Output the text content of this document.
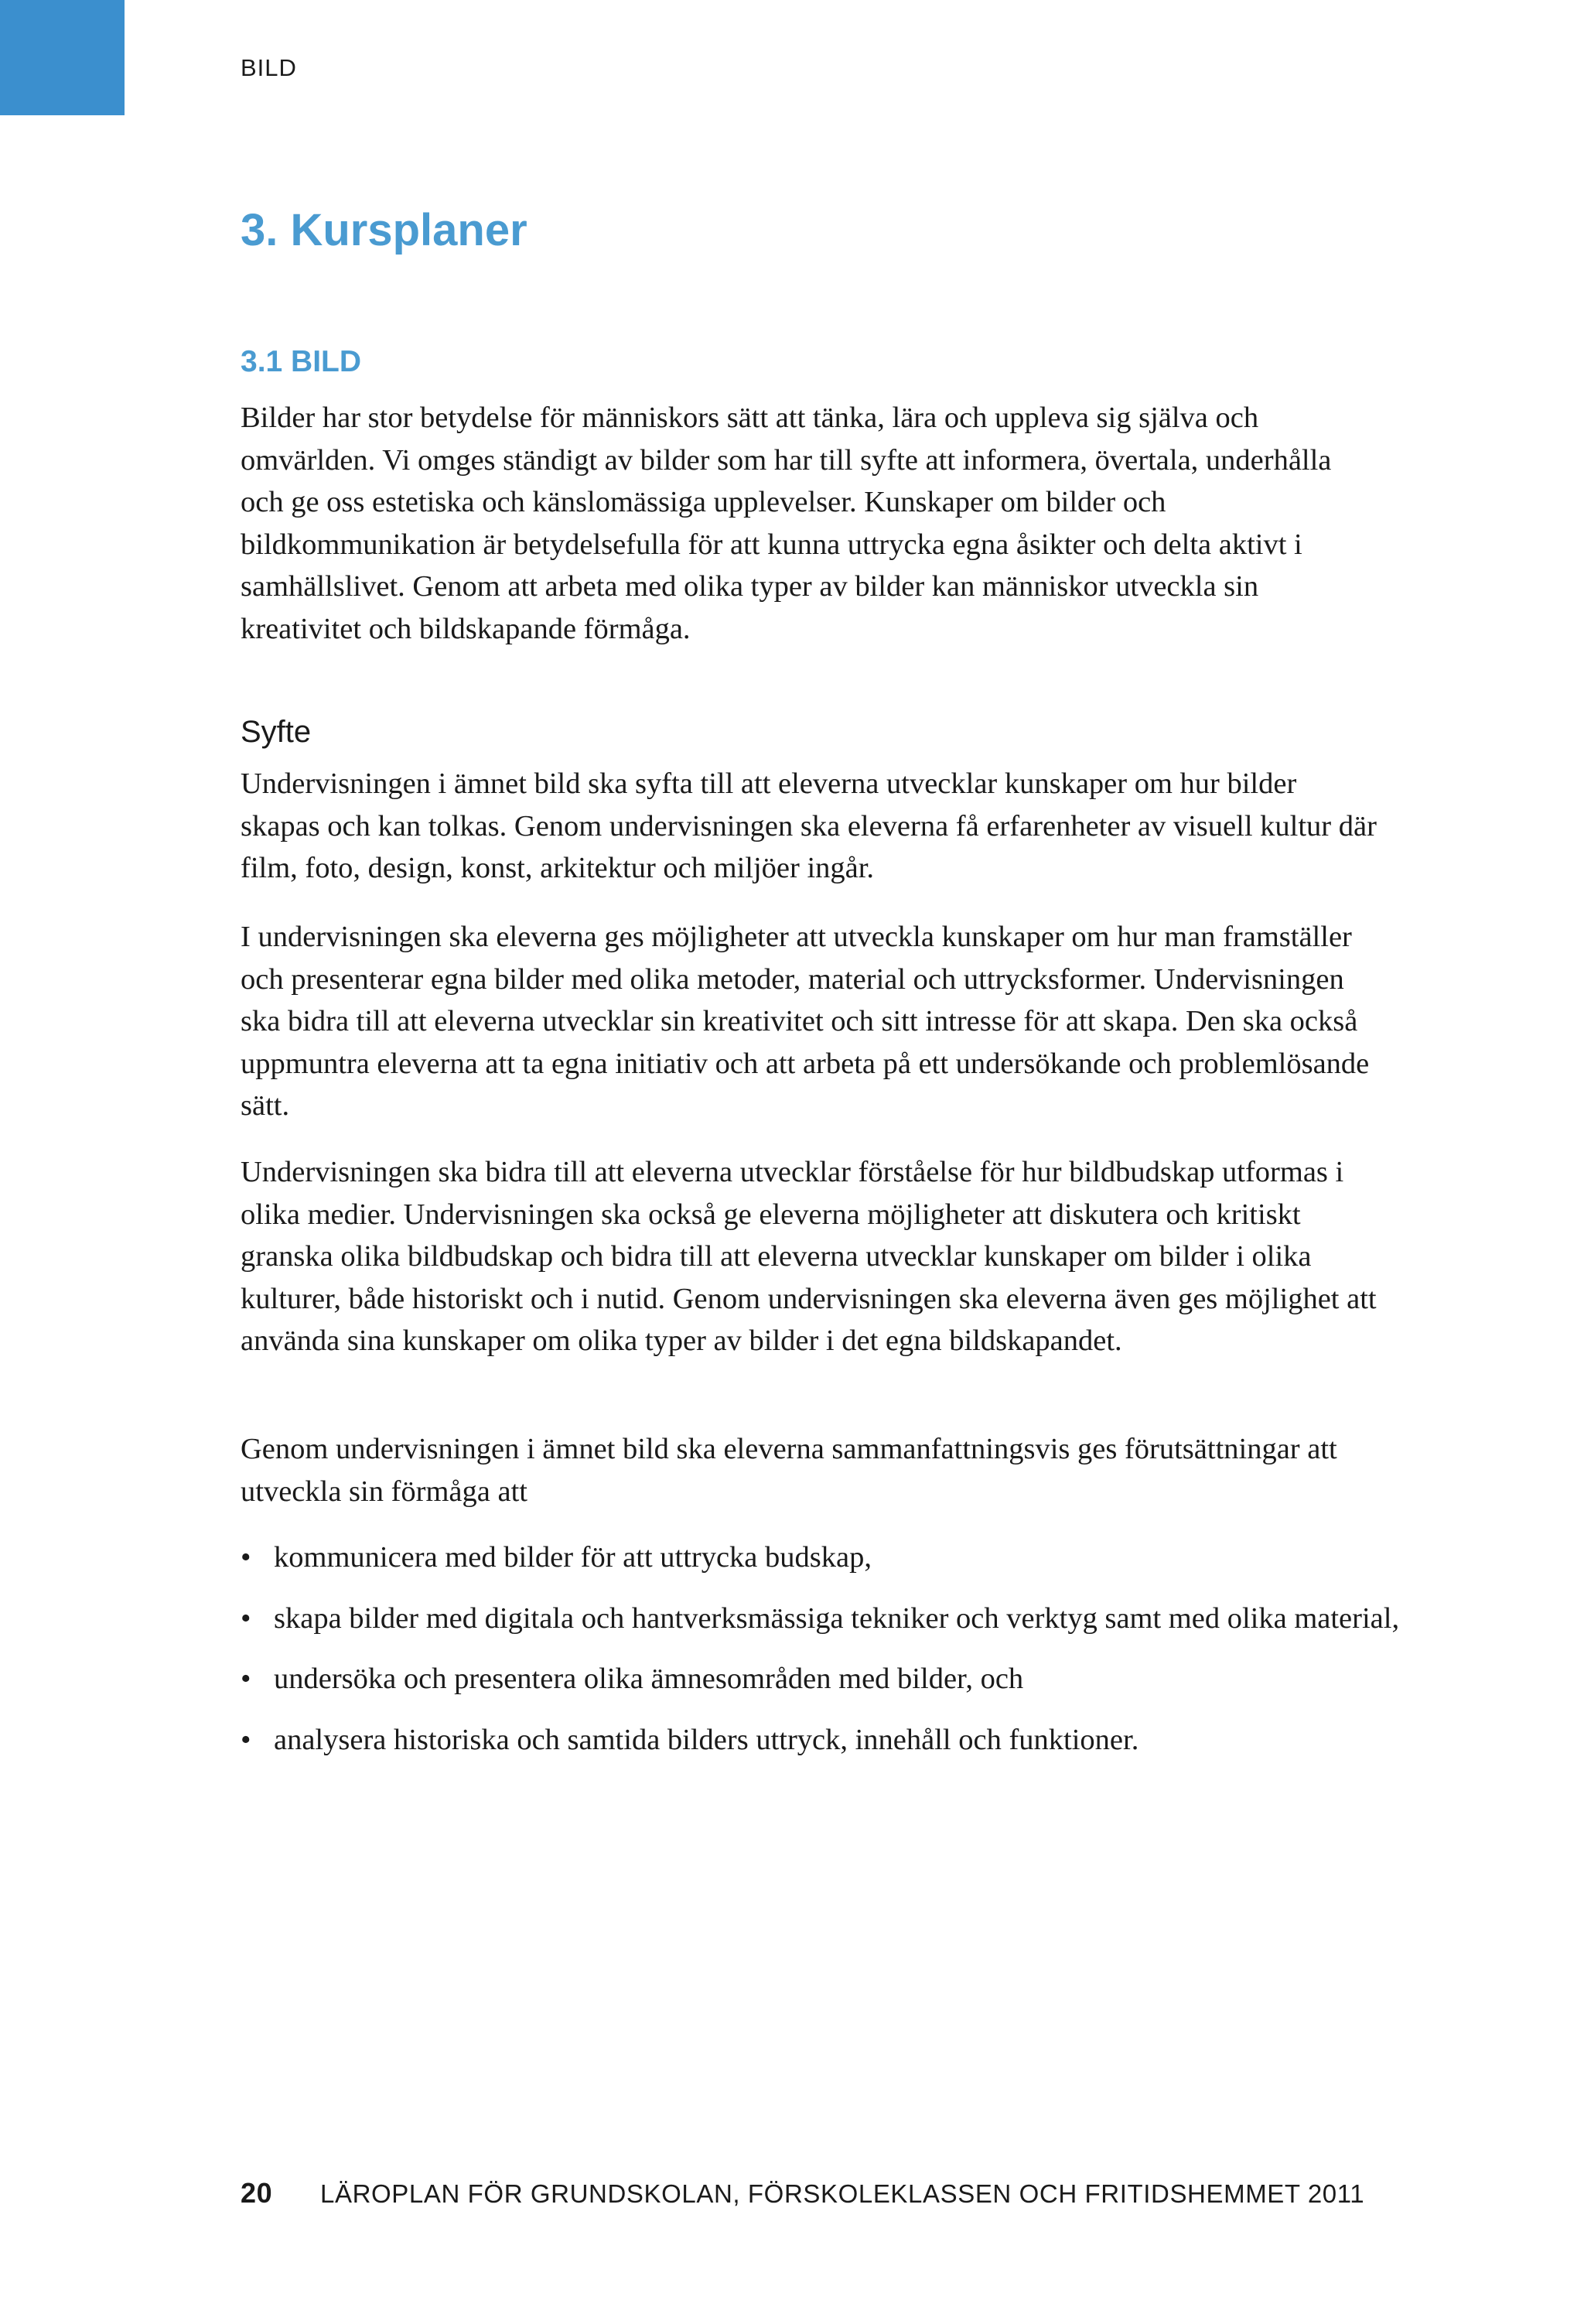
BILD
3. Kursplaner
3.1 BILD

Bilder har stor betydelse för människors sätt att tänka, lära och uppleva sig själva och omvärlden. Vi omges ständigt av bilder som har till syfte att informera, övertala, underhålla och ge oss estetiska och känslomässiga upplevelser. Kunskaper om bilder och bildkommunikation är betydelsefulla för att kunna uttrycka egna åsikter och delta aktivt i samhällslivet. Genom att arbeta med olika typer av bilder kan människor utveckla sin kreativitet och bildskapande förmåga.

Syfte

Undervisningen i ämnet bild ska syfta till att eleverna utvecklar kunskaper om hur bilder skapas och kan tolkas. Genom undervisningen ska eleverna få erfarenheter av visuell kultur där film, foto, design, konst, arkitektur och miljöer ingår.

I undervisningen ska eleverna ges möjligheter att utveckla kunskaper om hur man framställer och presenterar egna bilder med olika metoder, material och uttrycksformer. Undervisningen ska bidra till att eleverna utvecklar sin kreativitet och sitt intresse för att skapa. Den ska också uppmuntra eleverna att ta egna initiativ och att arbeta på ett undersökande och problemlösande sätt.

Undervisningen ska bidra till att eleverna utvecklar förståelse för hur bildbudskap utformas i olika medier. Undervisningen ska också ge eleverna möjligheter att diskutera och kritiskt granska olika bildbudskap och bidra till att eleverna utvecklar kunskaper om bilder i olika kulturer, både historiskt och i nutid. Genom undervisningen ska eleverna även ges möjlighet att använda sina kunskaper om olika typer av bilder i det egna bildskapandet.

Genom undervisningen i ämnet bild ska eleverna sammanfattningsvis ges förutsättningar att utveckla sin förmåga att

• kommunicera med bilder för att uttrycka budskap,
• skapa bilder med digitala och hantverksmässiga tekniker och verktyg samt med olika material,
• undersöka och presentera olika ämnesområden med bilder, och
• analysera historiska och samtida bilders uttryck, innehåll och funktioner.
20 LÄROPLAN FÖR GRUNDSKOLAN, FÖRSKOLEKLASSEN OCH FRITIDSHEMMET 2011
